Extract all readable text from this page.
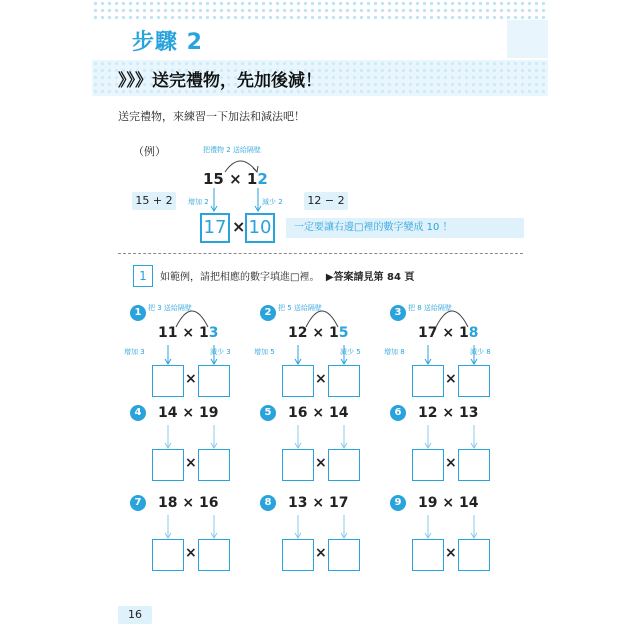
步驟 2
》》》送完禮物，先加後減！
送完禮物，來練習一下加法和減法吧！
（例）	把禮物 2 送給隔壁
15 × 12
15 + 2	12 − 2
增加 2	減少 2
17 × 10	一定要讓右邊□裡的數字變成 10 ！
1	如範例，請把相應的數字填進□裡。 ▶答案請見第 84 頁
1 把 3 送給隔壁
11 × 13
增加 3	減少 3
×
2 把 5 送給隔壁
12 × 15
增加 5	減少 5
×
3 把 8 送給隔壁
17 × 18
增加 8	減少 8
×
4	14 × 19
×
5	16 × 14
×
6	12 × 13
×
7	18 × 16
×
8	13 × 17
×
9	19 × 14
×
16
